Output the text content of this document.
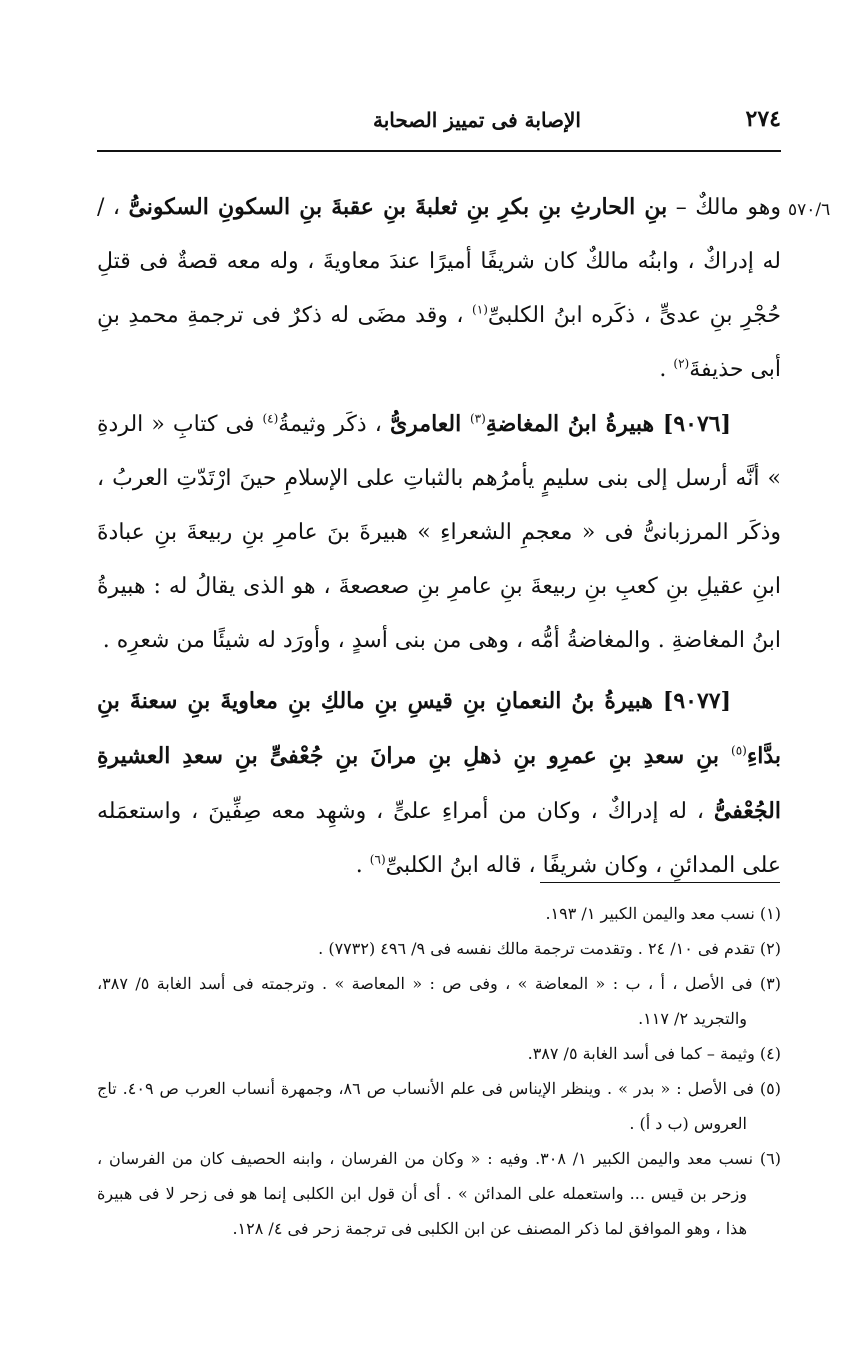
٢٧٤
الإصابة فى تمييز الصحابة
٥٧٠/٦

وهو مالكٌ – بنِ الحارثِ بنِ بكرِ بنِ ثعلبةَ بنِ عقبةَ بنِ السكونِ السكونىُّ ، / له إدراكٌ ، وابنُه مالكٌ كان شريفًا أميرًا عندَ معاويةَ ، وله معه قصةٌ فى قتلِ حُجْرِ بنِ عدىٍّ ، ذكَره ابنُ الكلبىِّ$^{(١)}$ ، وقد مضَى له ذكرٌ فى ترجمةِ محمدِ بنِ أبى حذيفةَ$^{(٢)}$ .

[٩٠٧٦] هبيرةُ ابنُ المغاضةِ$^{(٣)}$ العامرىُّ ، ذكَر وثيمةُ$^{(٤)}$ فى كتابِ « الردةِ » أنَّه أرسل إلى بنى سليمٍ يأمرُهم بالثباتِ على الإسلامِ حينَ ارْتَدّتِ العربُ ، وذكَر المرزبانىُّ فى « معجمِ الشعراءِ » هبيرةَ بنَ عامرِ بنِ ربيعةَ بنِ عبادةَ ابنِ عقيلِ بنِ كعبِ بنِ ربيعةَ بنِ عامرِ بنِ صعصعةَ ، هو الذى يقالُ له : هبيرةُ ابنُ المغاضةِ . والمغاضةُ أمُّه ، وهى من بنى أسدٍ ، وأورَد له شيئًا من شعرِه .

[٩٠٧٧] هبيرةُ بنُ النعمانِ بنِ قيسِ بنِ مالكِ بنِ معاويةَ بنِ سعنةَ بنِ بدَّاءِ$^{(٥)}$ بنِ سعدِ بنِ عمرِو بنِ ذهلِ بنِ مرانَ بنِ جُعْفىٍّ بنِ سعدِ العشيرةِ الجُعْفىُّ ، له إدراكٌ ، وكان من أمراءِ علىٍّ ، وشهِد معه صِفِّينَ ، واستعمَله على المدائنِ ، وكان شريفًا ، قاله ابنُ الكلبىِّ$^{(٦)}$ .

(١) نسب معد واليمن الكبير ١/ ١٩٣.

(٢) تقدم فى ١٠/ ٢٤ . وتقدمت ترجمة مالك نفسه فى ٩/ ٤٩٦ (٧٧٣٢) .

(٣) فى الأصل ، أ ، ب : « المعاضة » ، وفى ص : « المعاصة » . وترجمته فى أسد الغابة ٥/ ٣٨٧، والتجريد ٢/ ١١٧.

(٤) وثيمة – كما فى أسد الغابة ٥/ ٣٨٧.

(٥) فى الأصل : « بدر » . وينظر الإيناس فى علم الأنساب ص ٨٦، وجمهرة أنساب العرب ص ٤٠٩. تاج العروس (ب د أ) .

(٦) نسب معد واليمن الكبير ١/ ٣٠٨. وفيه : « وكان من الفرسان ، وابنه الحصيف كان من الفرسان ، وزحر بن قيس ... واستعمله على المدائن » . أى أن قول ابن الكلبى إنما هو فى زحر لا فى هبيرة هذا ، وهو الموافق لما ذكر المصنف عن ابن الكلبى فى ترجمة زحر فى ٤/ ١٢٨.
